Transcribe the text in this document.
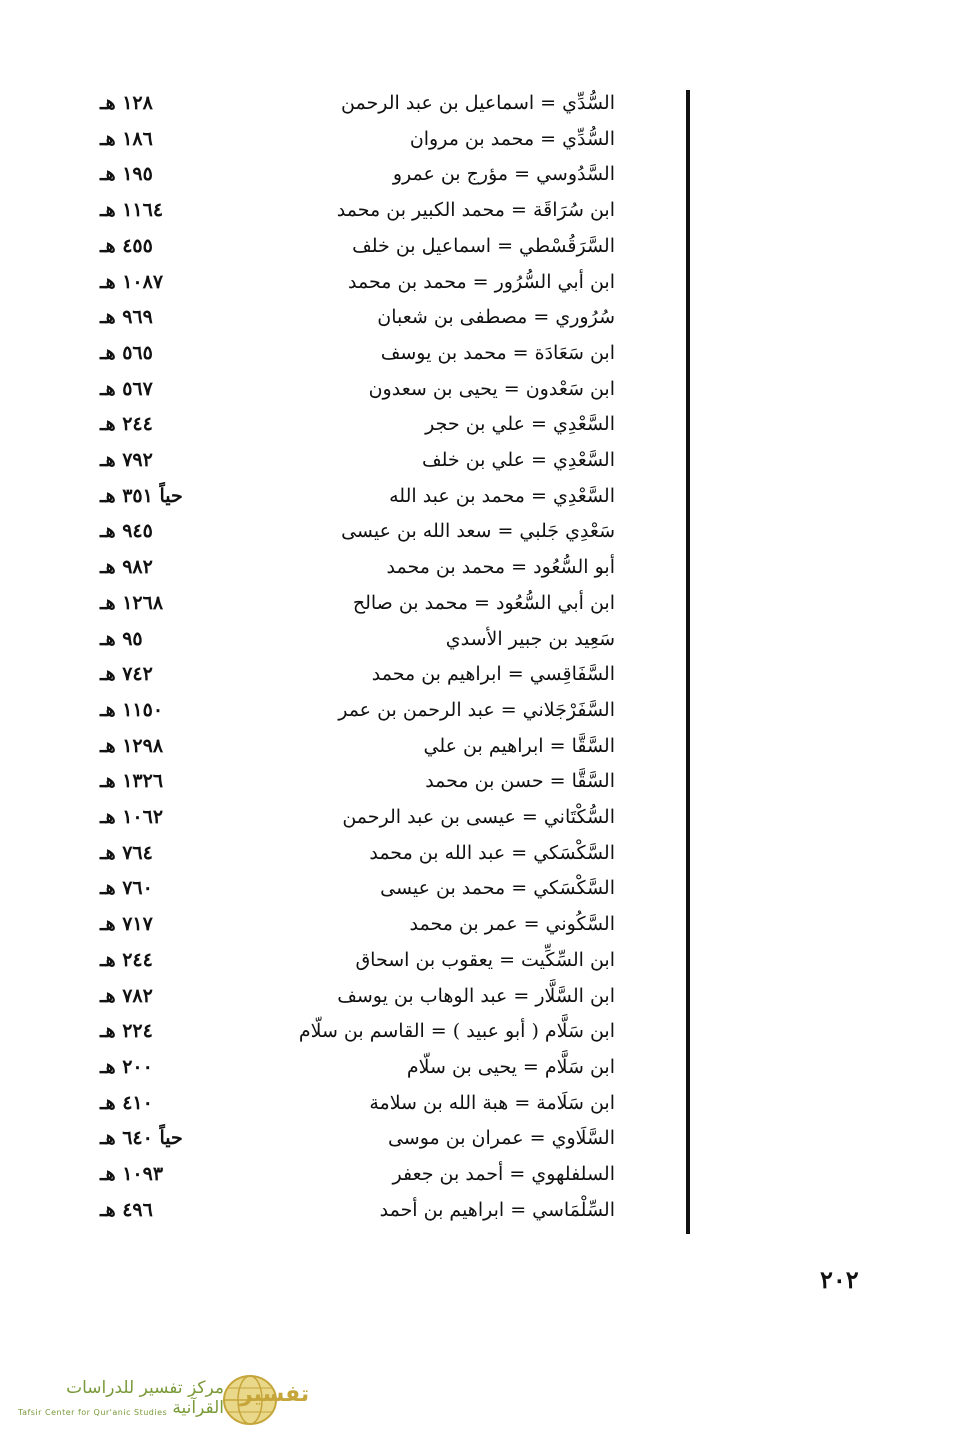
السُّدِّي = اسماعيل بن عبد الرحمن
١٢٨ هـ
السُّدِّي = محمد بن مروان
١٨٦ هـ
السَّدُوسي = مؤرج بن عمرو
١٩٥ هـ
ابن سُرَاقَة = محمد الكبير بن محمد
١١٦٤ هـ
السَّرَقُسْطي = اسماعيل بن خلف
٤٥٥ هـ
ابن أبي السُّرُور = محمد بن محمد
١٠٨٧ هـ
سُرُوري = مصطفى بن شعبان
٩٦٩ هـ
ابن سَعَادَة = محمد بن يوسف
٥٦٥ هـ
ابن سَعْدون = يحيى بن سعدون
٥٦٧ هـ
السَّعْدِي = علي بن حجر
٢٤٤ هـ
السَّعْدِي = علي بن خلف
٧٩٢ هـ
السَّعْدِي = محمد بن عبد الله
حياً ٣٥١ هـ
سَعْدِي جَلبي = سعد الله بن عيسى
٩٤٥ هـ
أبو السُّعُود = محمد بن محمد
٩٨٢ هـ
ابن أبي السُّعُود = محمد بن صالح
١٢٦٨ هـ
سَعِيد بن جبير الأسدي
٩٥ هـ
السَّفَاقِسي = ابراهيم بن محمد
٧٤٢ هـ
السَّفَرْجَلاني = عبد الرحمن بن عمر
١١٥٠ هـ
السَّقَّا = ابراهيم بن علي
١٢٩٨ هـ
السَّقَّا = حسن بن محمد
١٣٢٦ هـ
السُّكْتَاني = عيسى بن عبد الرحمن
١٠٦٢ هـ
السَّكْسَكي = عبد الله بن محمد
٧٦٤ هـ
السَّكْسَكي = محمد بن عيسى
٧٦٠ هـ
السَّكُوني = عمر بن محمد
٧١٧ هـ
ابن السِّكِّيت = يعقوب بن اسحاق
٢٤٤ هـ
ابن السَّلَّار = عبد الوهاب بن يوسف
٧٨٢ هـ
ابن سَلَّام ( أبو عبيد ) = القاسم بن سلّام
٢٢٤ هـ
ابن سَلَّام = يحيى بن سلّام
٢٠٠ هـ
ابن سَلَامة = هبة الله بن سلامة
٤١٠ هـ
السَّلَاوي = عمران بن موسى
حياً ٦٤٠ هـ
السلفلهوي = أحمد بن جعفر
١٠٩٣ هـ
السِّلْمَاسي = ابراهيم بن أحمد
٤٩٦ هـ
٢٠٢
مركز تفسير للدراسات القرآنية
Tafsir Center for Qur'anic Studies
تفسير
